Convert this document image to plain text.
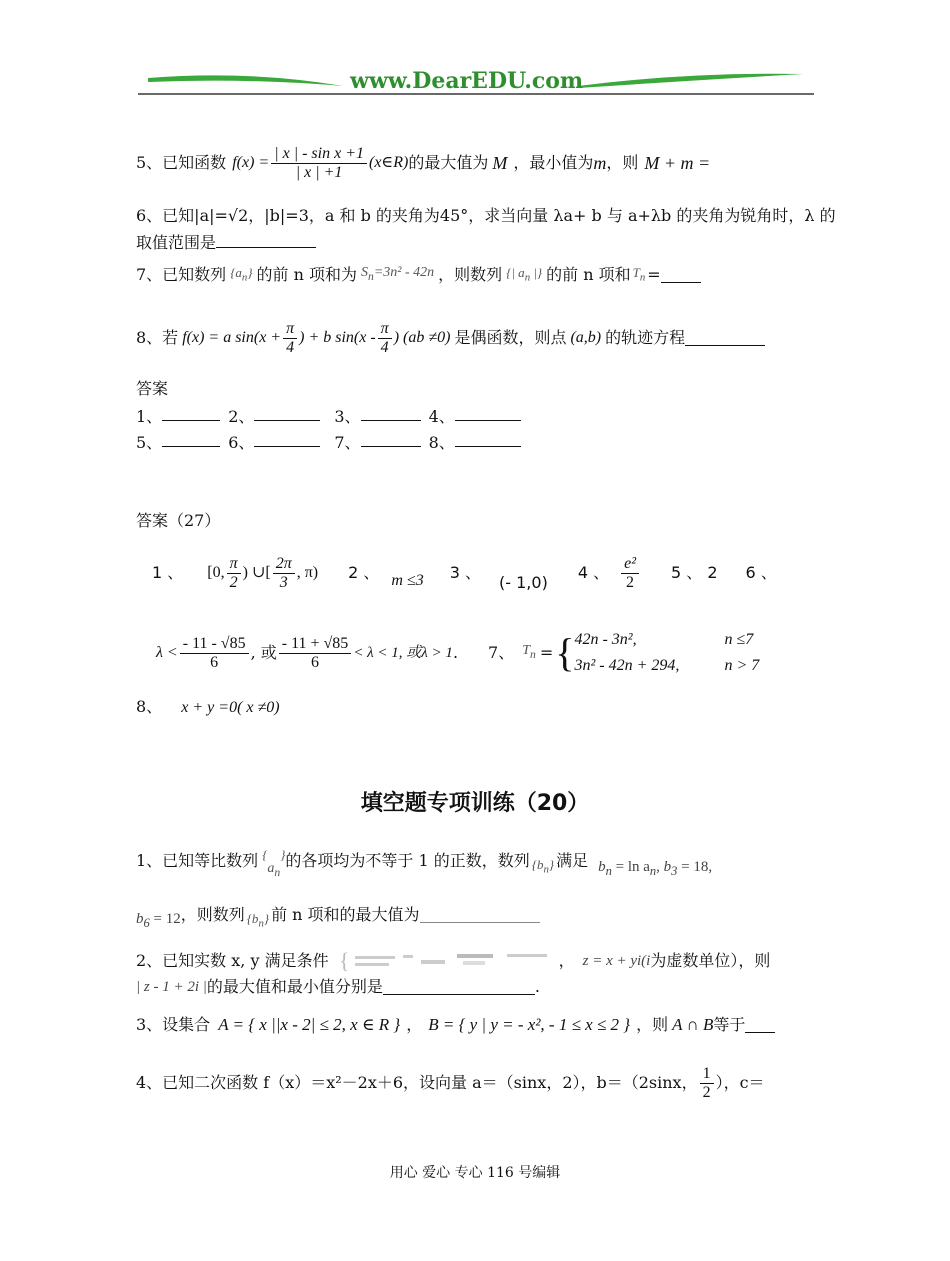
www.DearEDU.com
5、已知函数 $f(x) = \frac{\text{| x | - sin x +1}}{| x | +1}$ (x∈R) 的最大值为 M ，最小值为 m ，则 M + m =
6、已知|a|=√2，|b|=3，a 和 b 的夹角为45°，求当向量 λa+ b 与 a+λb 的夹角为锐角时，λ 的
取值范围是
7、已知数列 $\{a_n\}$ 的前 n 项和为 $S_n=3n^2 - 42n$ ，则数列 {| $a_n$ |} 的前 n 项和 $T_n$ =
8、若 f(x) = a $\sin(x + \frac{\pi}{4}$ ) + b $\sin(x - \frac{\pi}{4}$ ) (ab ≠0) 是偶函数，则点 (a,b) 的轨迹方程
答案
1、	2、	3、	4、
5、	6、	7、	8、
答案（27）
1 、 [0, $\frac{\pi}{2}$ ) ∪[ $\frac{2\pi}{3}$ , π) 2 、 m ≤3 3 、
(- 1,0)
4 、 $\frac{\text{e²}}{2} 5$ 、 2 6 、
$\lambda < \frac{- 11 - √85}{6}$ , 或 $\frac{- 11 + √85}{6} < \lambda < 1$, 或λ > 1 . 7、 $T_n$ = { 42n - 3n²,	n ≤7
3n² - 42n + 294,	n > 7
8、 x + y =0( x ≠0)
填空题专项训练（20）
1、已知等比数列 {
$a_n$
} 的各项均为不等于 1 的正数，数列 $\{b_n\}$ 满足 $b_n = \ln a_n$, $b_3 = 18$,
$b_6 = 12$ ，则数列 $\{b_n\}$ 前 n 项和的最大值为
2、已知实数 x, y 满足条件 {	， z = x + yi(i 为虚数单位），则
| z - 1 + 2i | 的最大值和最小值分别是	.
3、设集合 A = { x ||x - 2| ≤ 2, x ∈ R } ， B = { y | y = - x², - 1 ≤ x ≤ 2 } ，则 A ∩ B 等于
4、已知二次函数 f（x）＝x²－2x＋6，设向量 a＝（sinx，2），b＝（2sinx， $\frac{1}{2}$ ），c＝
用心 爱心 专心 116 号编辑
